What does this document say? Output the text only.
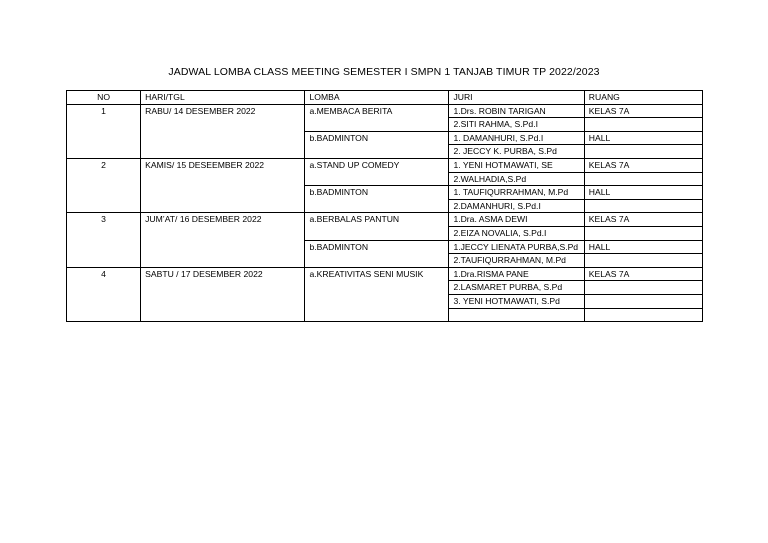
JADWAL LOMBA CLASS MEETING SEMESTER I SMPN 1 TANJAB TIMUR TP 2022/2023
NO	HARI/TGL	LOMBA	JURI	RUANG
1	RABU/ 14 DESEMBER 2022	a.MEMBACA BERITA	1.Drs. ROBIN TARIGAN	KELAS 7A
			2.SITI RAHMA, S.Pd.I	
		b.BADMINTON	1. DAMANHURI, S.Pd.I	HALL
			2. JECCY K. PURBA, S.Pd	
2	KAMIS/ 15 DESEEMBER 2022	a.STAND UP COMEDY	1. YENI HOTMAWATI, SE	KELAS 7A
			2.WALHADIA,S.Pd	
		b.BADMINTON	1. TAUFIQURRAHMAN, M.Pd	HALL
			2.DAMANHURI, S.Pd.I	
3	JUM’AT/ 16 DESEMBER 2022	a.BERBALAS PANTUN	1.Dra. ASMA DEWI	KELAS 7A
			2.EIZA NOVALIA, S.Pd.I	
		b.BADMINTON	1.JECCY LIENATA PURBA,S.Pd	HALL
			2.TAUFIQURRAHMAN, M.Pd	
4	SABTU / 17 DESEMBER 2022	a.KREATIVITAS SENI MUSIK	1.Dra.RISMA PANE	KELAS 7A
			2.LASMARET PURBA, S.Pd	
			3. YENI HOTMAWATI, S.Pd	
